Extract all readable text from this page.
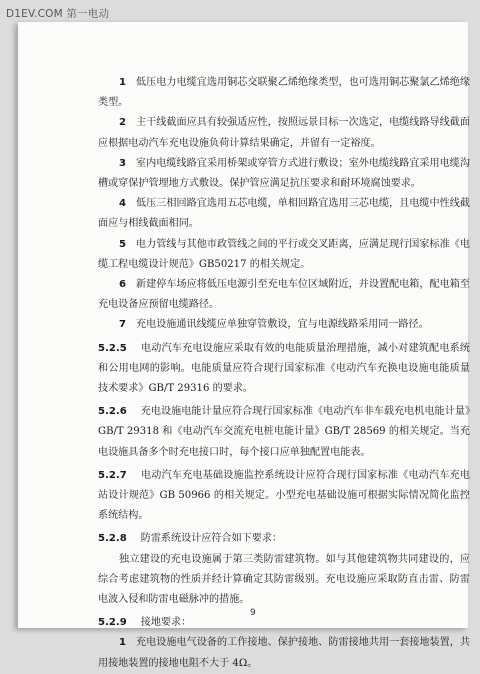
D1EV.COM 第一电动

1 低压电力电缆宜选用铜芯交联聚乙烯绝缘类型，也可选用铜芯聚氯乙烯绝缘类型。

2 主干线截面应具有较强适应性，按照远景目标一次选定，电缆线路导线截面应根据电动汽车充电设施负荷计算结果确定，并留有一定裕度。

3 室内电缆线路宜采用桥架或穿管方式进行敷设；室外电缆线路宜采用电缆沟槽或穿保护管埋地方式敷设。保护管应满足抗压要求和耐环境腐蚀要求。

4 低压三相回路宜选用五芯电缆，单相回路宜选用三芯电缆，且电缆中性线截面应与相线截面相同。

5 电力管线与其他市政管线之间的平行或交叉距离，应满足现行国家标准《电缆工程电缆设计规范》GB50217 的相关规定。

6 新建停车场应将低压电源引至充电车位区域附近，并设置配电箱，配电箱至充电设备应预留电缆路径。

7 充电设施通讯线缆应单独穿管敷设，宜与电源线路采用同一路径。

5.2.5 电动汽车充电设施应采取有效的电能质量治理措施，减小对建筑配电系统和公用电网的影响。电能质量应符合现行国家标准《电动汽车充换电设施电能质量技术要求》GB/T 29316 的要求。

5.2.6 充电设施电能计量应符合现行国家标准《电动汽车非车载充电机电能计量》GB/T 29318 和《电动汽车交流充电桩电能计量》GB/T 28569 的相关规定。当充电设施具备多个时充电接口时，每个接口应单独配置电能表。

5.2.7 电动汽车充电基础设施监控系统设计应符合现行国家标准《电动汽车充电站设计规范》GB 50966 的相关规定。小型充电基础设施可根据实际情况简化监控系统结构。

5.2.8 防雷系统设计应符合如下要求：

独立建设的充电设施属于第三类防雷建筑物。如与其他建筑物共同建设的，应综合考虑建筑物的性质并经计算确定其防雷级别。充电设施应采取防直击雷、防雷电波入侵和防雷电磁脉冲的措施。

5.2.9 接地要求：

1 充电设施电气设备的工作接地、保护接地、防雷接地共用一套接地装置，共用接地装置的接地电阻不大于 4Ω。

9
